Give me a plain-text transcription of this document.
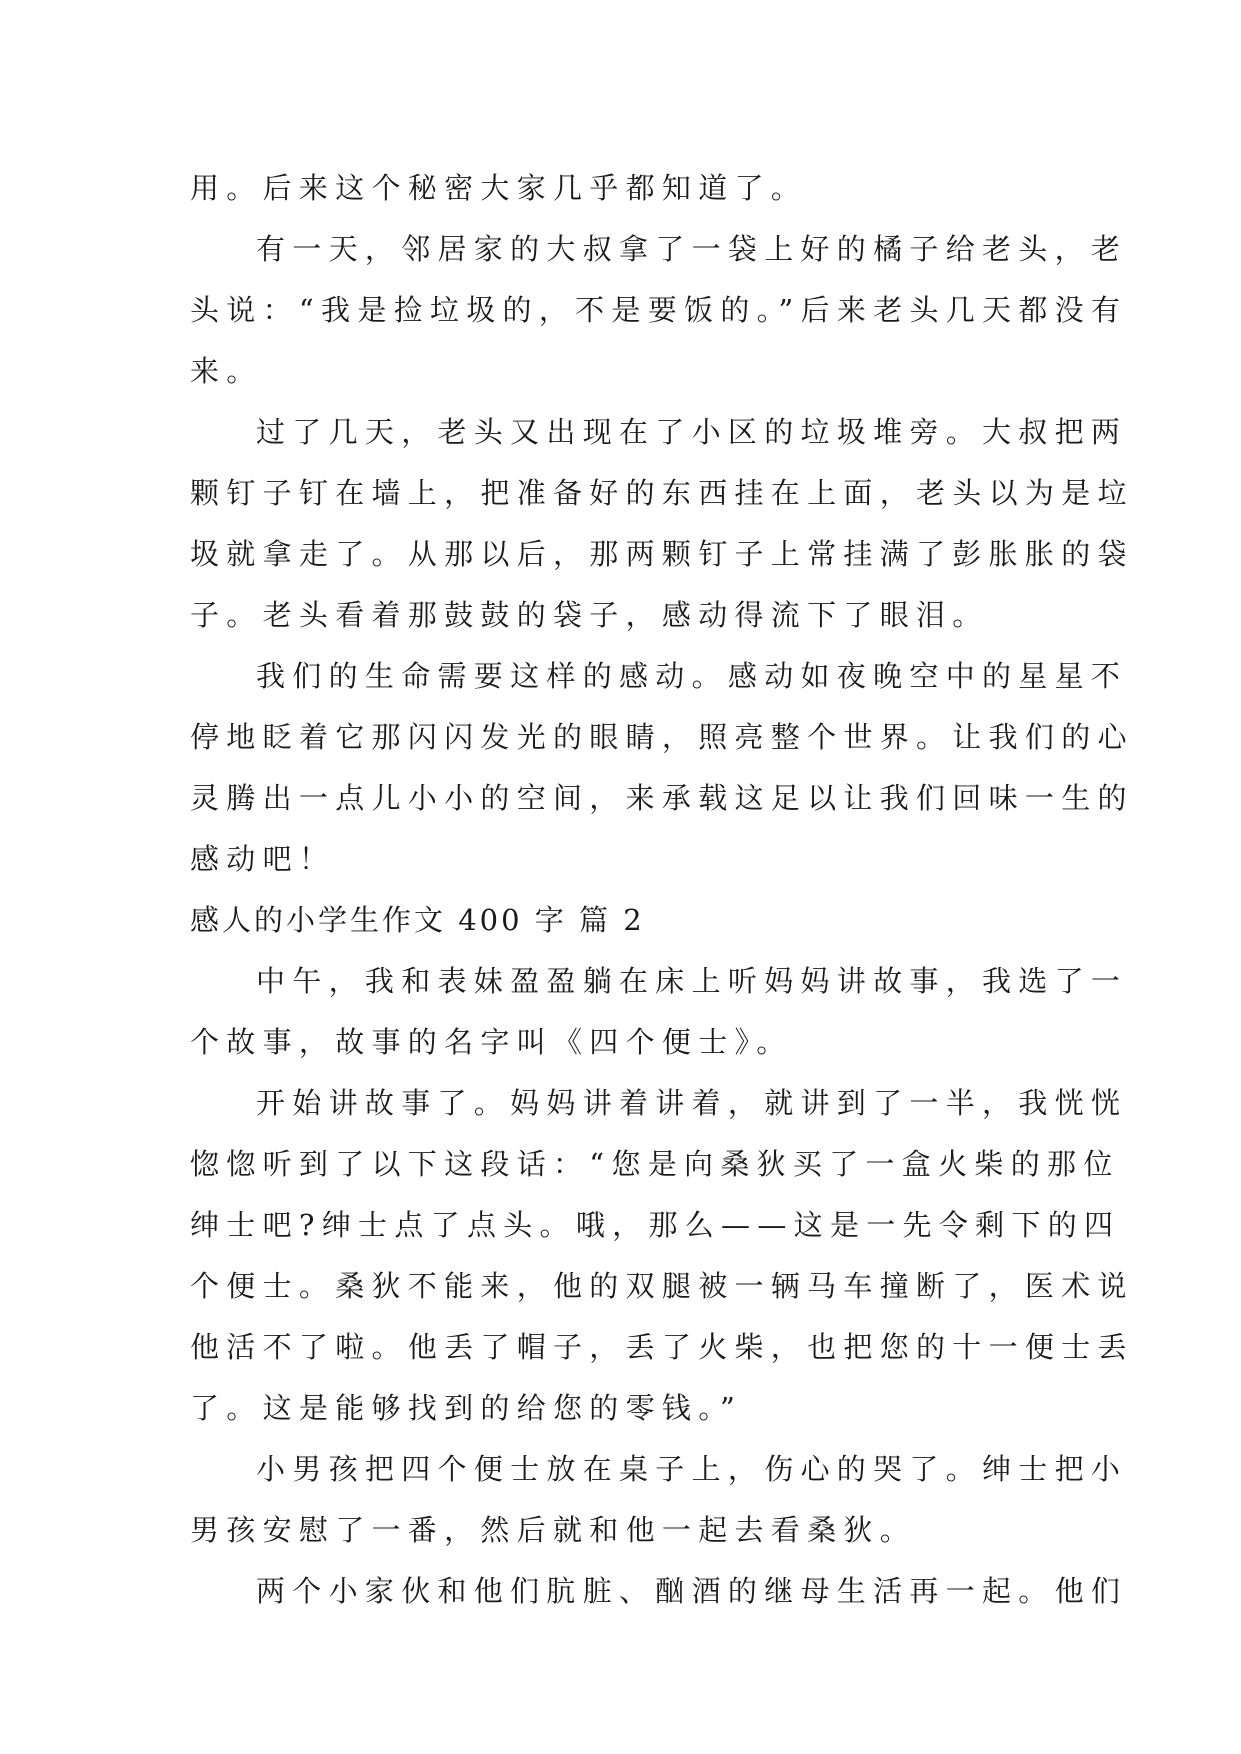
用。后来这个秘密大家几乎都知道了。
有一天，邻居家的大叔拿了一袋上好的橘子给老头，老
头说：“我是捡垃圾的，不是要饭的。”后来老头几天都没有
来。
过了几天，老头又出现在了小区的垃圾堆旁。大叔把两
颗钉子钉在墙上，把准备好的东西挂在上面，老头以为是垃
圾就拿走了。从那以后，那两颗钉子上常挂满了彭胀胀的袋
子。老头看着那鼓鼓的袋子，感动得流下了眼泪。
我们的生命需要这样的感动。感动如夜晚空中的星星不
停地眨着它那闪闪发光的眼睛，照亮整个世界。让我们的心
灵腾出一点儿小小的空间，来承载这足以让我们回味一生的
感动吧！
感人的小学生作文 400 字 篇 2
中午，我和表妹盈盈躺在床上听妈妈讲故事，我选了一
个故事，故事的名字叫《四个便士》。
开始讲故事了。妈妈讲着讲着，就讲到了一半，我恍恍
惚惚听到了以下这段话：“您是向桑狄买了一盒火柴的那位
绅士吧?绅士点了点头。哦，那么——这是一先令剩下的四
个便士。桑狄不能来，他的双腿被一辆马车撞断了，医术说
他活不了啦。他丢了帽子，丢了火柴，也把您的十一便士丢
了。这是能够找到的给您的零钱。”
小男孩把四个便士放在桌子上，伤心的哭了。绅士把小
男孩安慰了一番，然后就和他一起去看桑狄。
两个小家伙和他们肮脏、酗酒的继母生活再一起。他们
